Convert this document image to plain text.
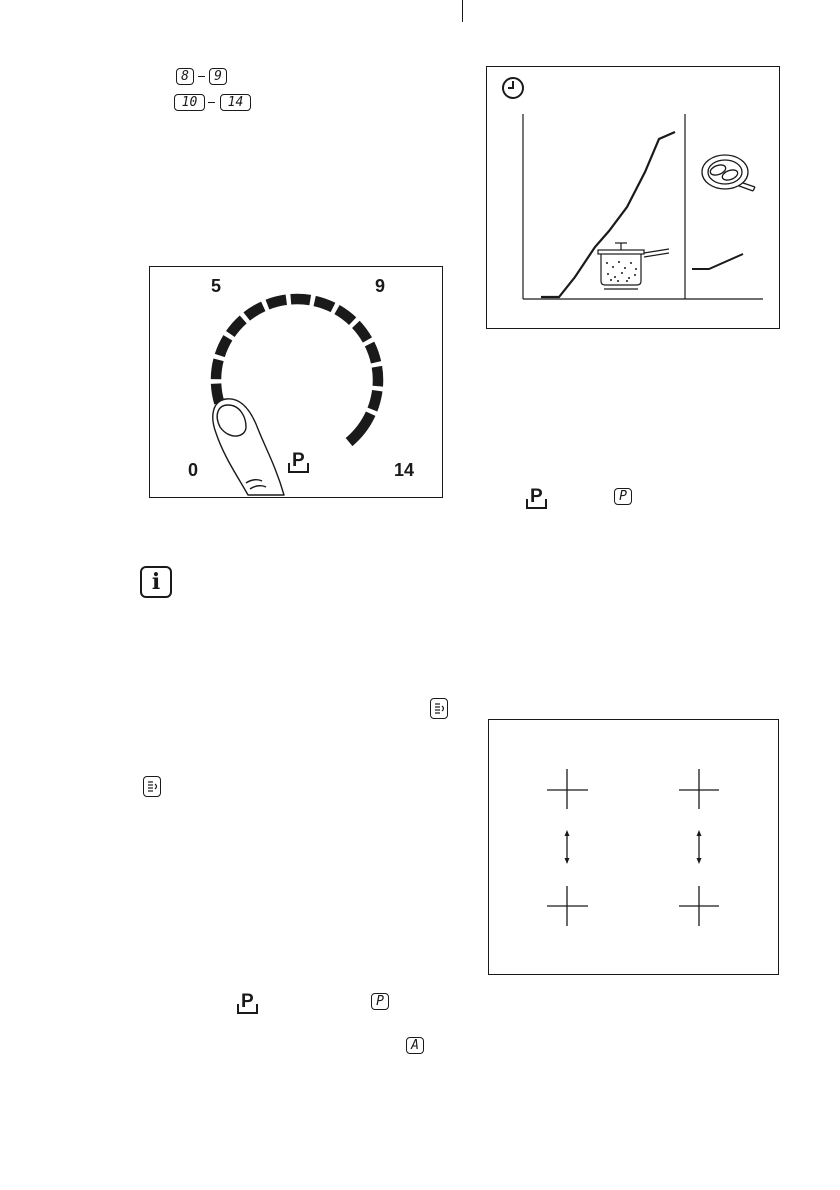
8 9
10 14
5	9
0	14
P
i
P	P
A
P	P
